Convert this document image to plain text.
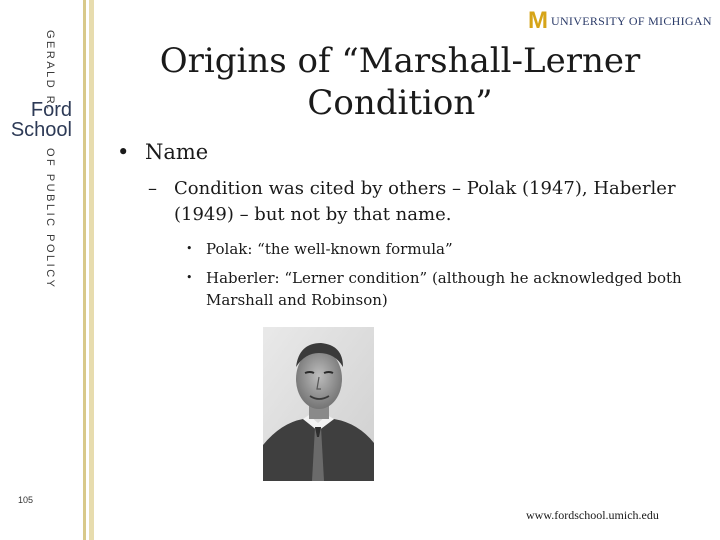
GERALD R.
Ford
School
OF PUBLIC POLICY
M UNIVERSITY OF MICHIGAN
Origins of “Marshall-Lerner Condition”
• Name
– Condition was cited by others – Polak (1947), Haberler (1949) – but not by that name.
• Polak: “the well-known formula”
• Haberler: “Lerner condition” (although he acknowledged both Marshall and Robinson)
105
www.fordschool.umich.edu
